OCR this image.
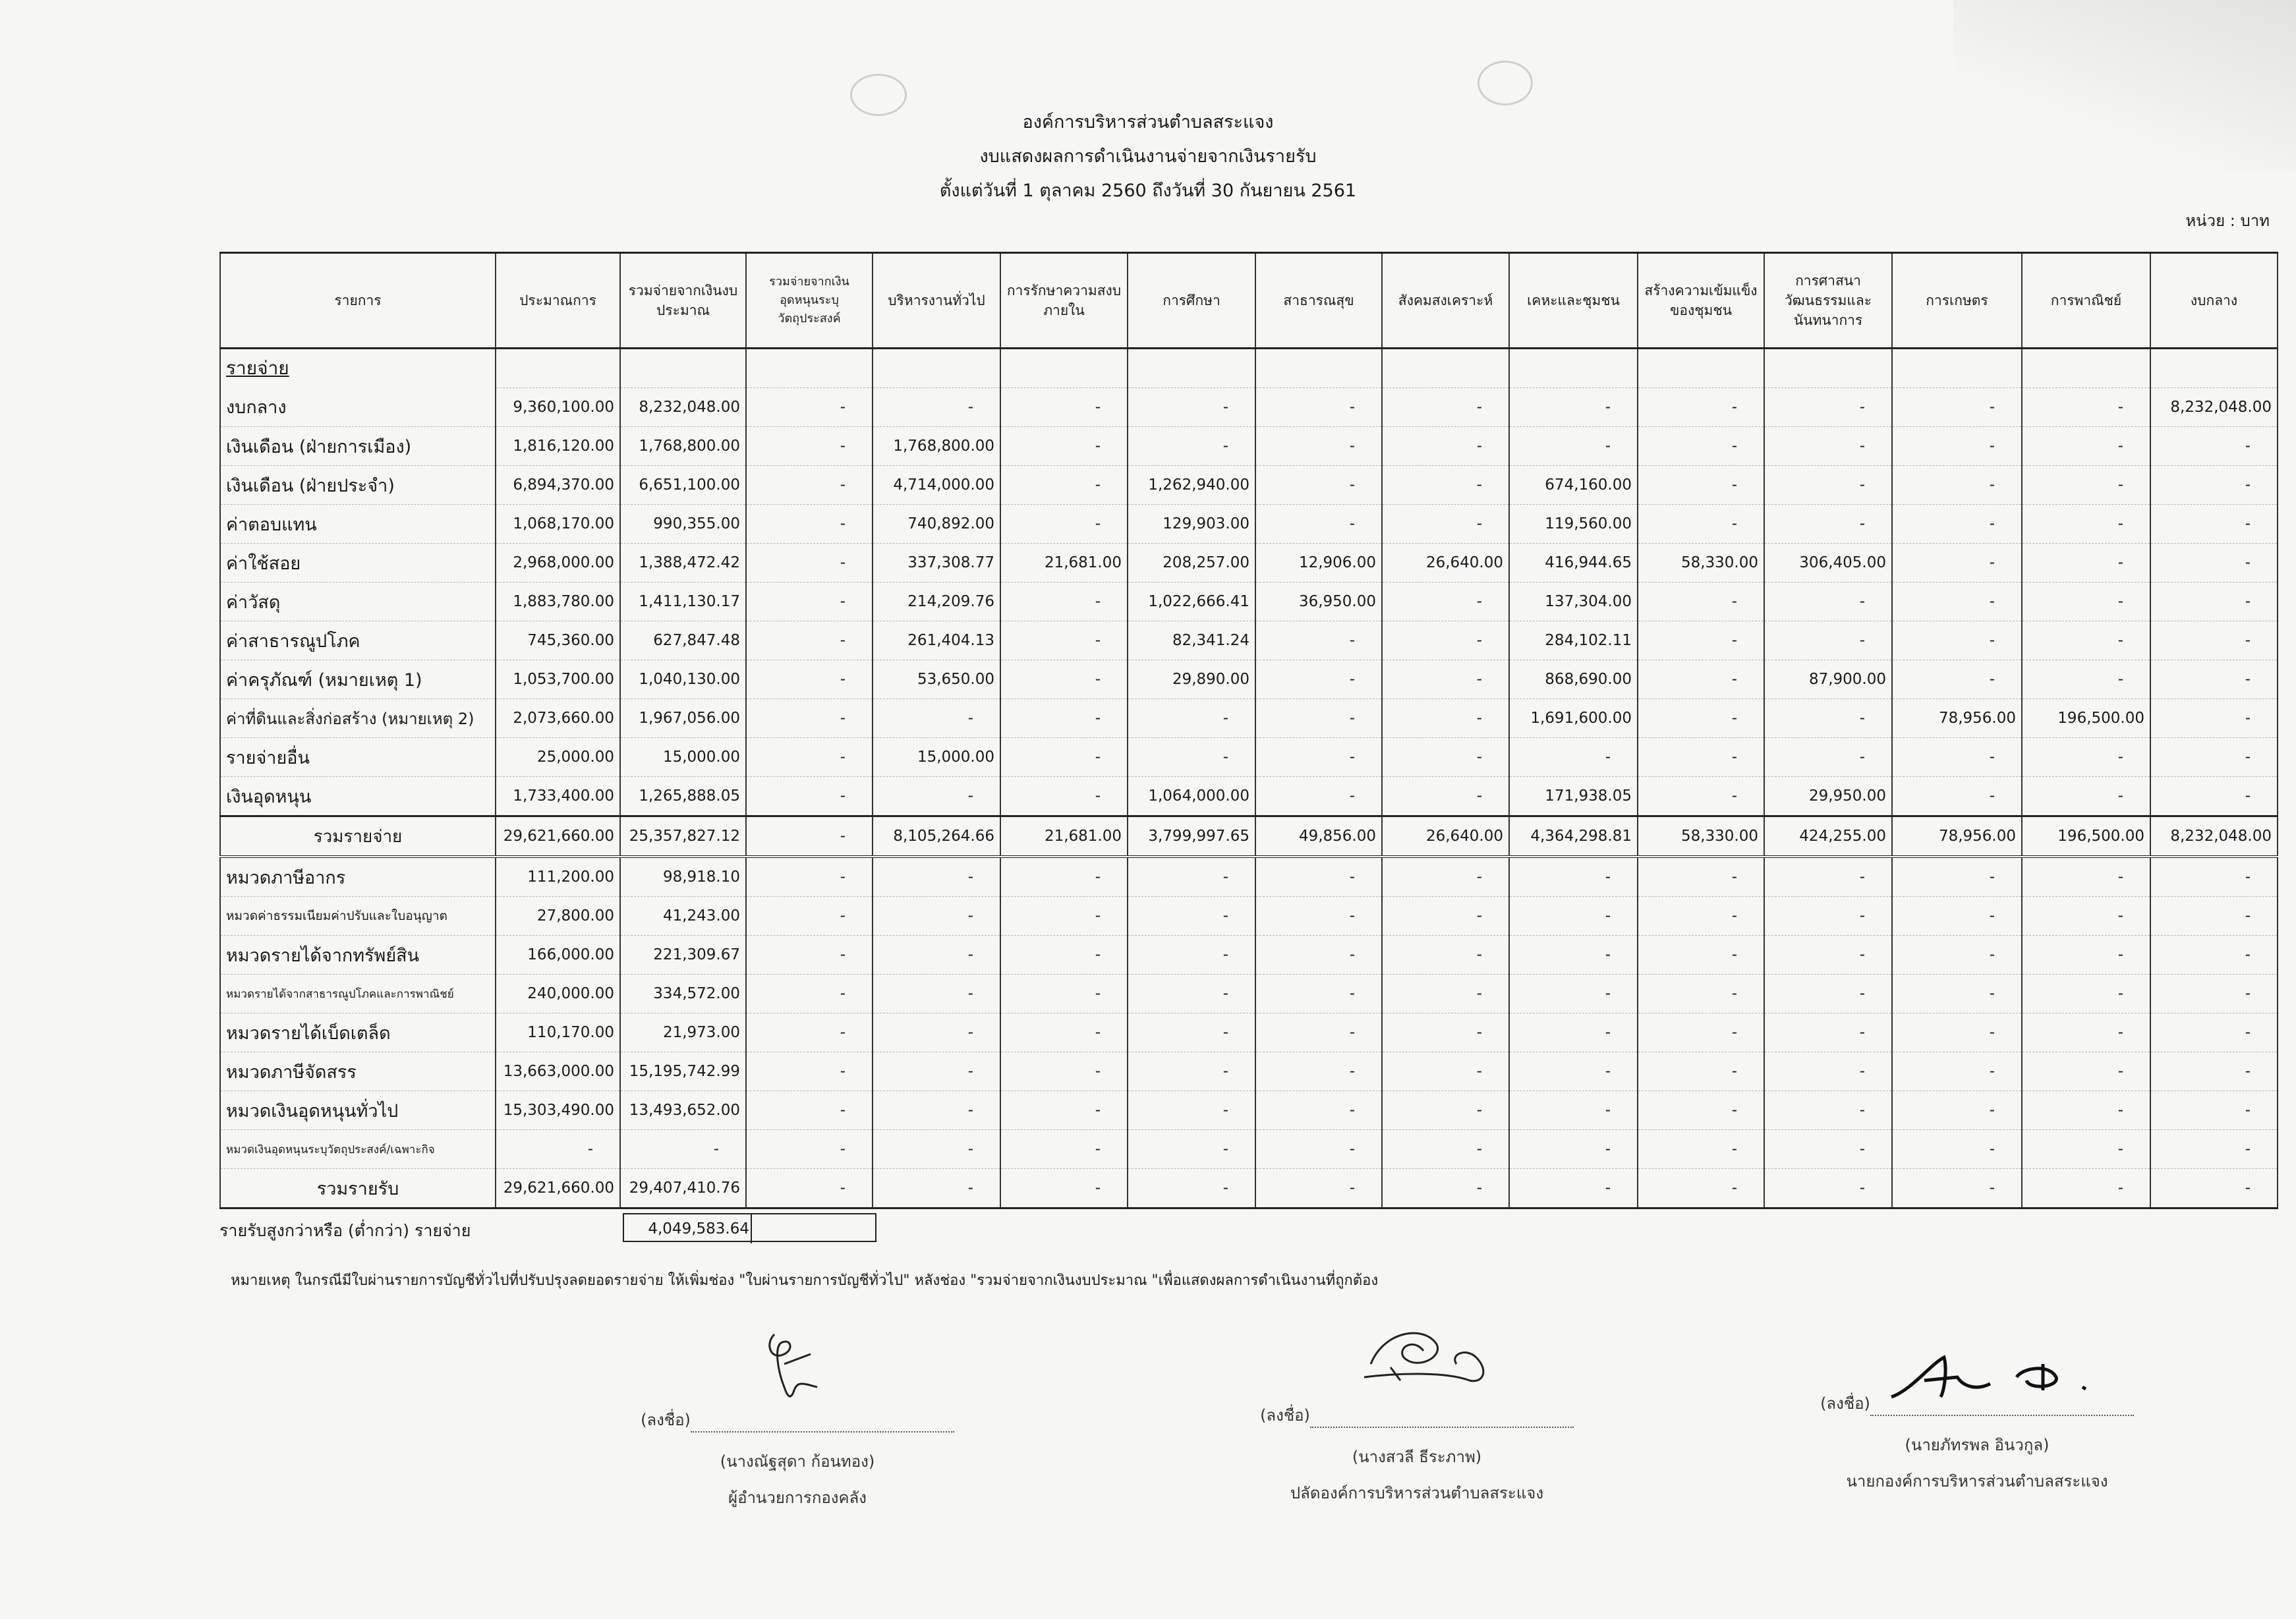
องค์การบริหารส่วนตำบลสระแจง
งบแสดงผลการดำเนินงานจ่ายจากเงินรายรับ
ตั้งแต่วันที่ 1 ตุลาคม 2560 ถึงวันที่ 30 กันยายน 2561
หน่วย : บาท
รายการ	ประมาณการ	รวมจ่ายจากเงินงบประมาณ	รวมจ่ายจากเงินอุดหนุนระบุวัตถุประสงค์	บริหารงานทั่วไป	การรักษาความสงบภายใน	การศึกษา	สาธารณสุข	สังคมสงเคราะห์	เคหะและชุมชน	สร้างความเข้มแข็งของชุมชน	การศาสนาวัฒนธรรมและนันทนาการ	การเกษตร	การพาณิชย์	งบกลาง
รายจ่าย														
งบกลาง	9,360,100.00	8,232,048.00	-	-	-	-	-	-	-	-	-	-	-	8,232,048.00
เงินเดือน (ฝ่ายการเมือง)	1,816,120.00	1,768,800.00	-	1,768,800.00	-	-	-	-	-	-	-	-	-	-
เงินเดือน (ฝ่ายประจำ)	6,894,370.00	6,651,100.00	-	4,714,000.00	-	1,262,940.00	-	-	674,160.00	-	-	-	-	-
ค่าตอบแทน	1,068,170.00	990,355.00	-	740,892.00	-	129,903.00	-	-	119,560.00	-	-	-	-	-
ค่าใช้สอย	2,968,000.00	1,388,472.42	-	337,308.77	21,681.00	208,257.00	12,906.00	26,640.00	416,944.65	58,330.00	306,405.00	-	-	-
ค่าวัสดุ	1,883,780.00	1,411,130.17	-	214,209.76	-	1,022,666.41	36,950.00	-	137,304.00	-	-	-	-	-
ค่าสาธารณูปโภค	745,360.00	627,847.48	-	261,404.13	-	82,341.24	-	-	284,102.11	-	-	-	-	-
ค่าครุภัณฑ์ (หมายเหตุ 1)	1,053,700.00	1,040,130.00	-	53,650.00	-	29,890.00	-	-	868,690.00	-	87,900.00	-	-	-
ค่าที่ดินและสิ่งก่อสร้าง (หมายเหตุ 2)	2,073,660.00	1,967,056.00	-	-	-	-	-	-	1,691,600.00	-	-	78,956.00	196,500.00	-
รายจ่ายอื่น	25,000.00	15,000.00	-	15,000.00	-	-	-	-	-	-	-	-	-	-
เงินอุดหนุน	1,733,400.00	1,265,888.05	-	-	-	1,064,000.00	-	-	171,938.05	-	29,950.00	-	-	-
รวมรายจ่าย	29,621,660.00	25,357,827.12	-	8,105,264.66	21,681.00	3,799,997.65	49,856.00	26,640.00	4,364,298.81	58,330.00	424,255.00	78,956.00	196,500.00	8,232,048.00
หมวดภาษีอากร	111,200.00	98,918.10	-	-	-	-	-	-	-	-	-	-	-	-
หมวดค่าธรรมเนียมค่าปรับและใบอนุญาต	27,800.00	41,243.00	-	-	-	-	-	-	-	-	-	-	-	-
หมวดรายได้จากทรัพย์สิน	166,000.00	221,309.67	-	-	-	-	-	-	-	-	-	-	-	-
หมวดรายได้จากสาธารณูปโภคและการพาณิชย์	240,000.00	334,572.00	-	-	-	-	-	-	-	-	-	-	-	-
หมวดรายได้เบ็ดเตล็ด	110,170.00	21,973.00	-	-	-	-	-	-	-	-	-	-	-	-
หมวดภาษีจัดสรร	13,663,000.00	15,195,742.99	-	-	-	-	-	-	-	-	-	-	-	-
หมวดเงินอุดหนุนทั่วไป	15,303,490.00	13,493,652.00	-	-	-	-	-	-	-	-	-	-	-	-
หมวดเงินอุดหนุนระบุวัตถุประสงค์/เฉพาะกิจ	-	-	-	-	-	-	-	-	-	-	-	-	-	-
รวมรายรับ	29,621,660.00	29,407,410.76	-	-	-	-	-	-	-	-	-	-	-	-
รายรับสูงกว่าหรือ (ต่ำกว่า) รายจ่าย	4,049,583.64
หมายเหตุ ในกรณีมีใบผ่านรายการบัญชีทั่วไปที่ปรับปรุงลดยอดรายจ่าย ให้เพิ่มช่อง "ใบผ่านรายการบัญชีทั่วไป" หลังช่อง "รวมจ่ายจากเงินงบประมาณ "เพื่อแสดงผลการดำเนินงานที่ถูกต้อง
(ลงชื่อ)
(นางณัฐสุดา ก้อนทอง)
ผู้อำนวยการกองคลัง
(ลงชื่อ)
(นางสวลี ธีระภาพ)
ปลัดองค์การบริหารส่วนตำบลสระแจง
(ลงชื่อ)
(นายภัทรพล อินวกูล)
นายกองค์การบริหารส่วนตำบลสระแจง
